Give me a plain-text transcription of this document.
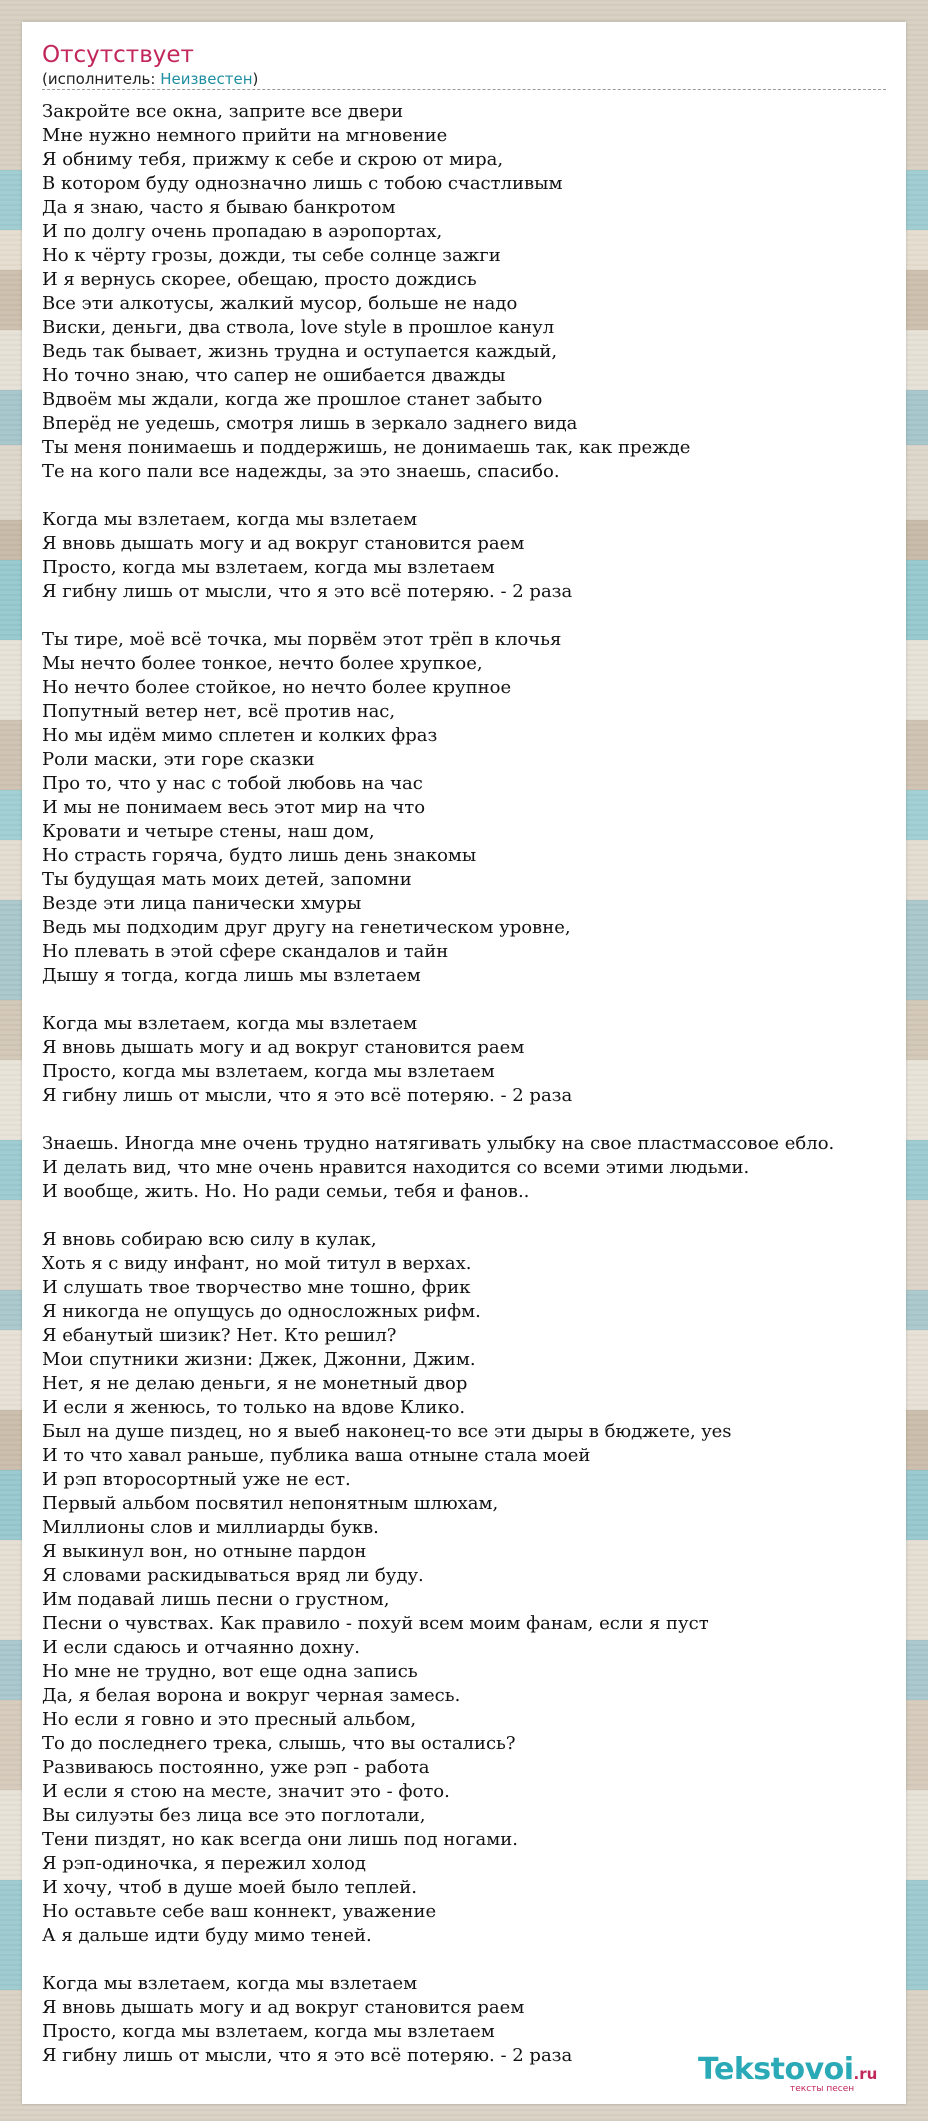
Отсутствует
(исполнитель: Неизвестен)
Закройте все окна, заприте все двери
Мне нужно немного прийти на мгновение
Я обниму тебя, прижму к себе и скрою от мира,
В котором буду однозначно лишь с тобою счастливым
Да я знаю, часто я бываю банкротом
И по долгу очень пропадаю в аэропортах,
Но к чёрту грозы, дожди, ты себе солнце зажги
И я вернусь скорее, обещаю, просто дождись
Все эти алкотусы, жалкий мусор, больше не надо
Виски, деньги, два ствола, love style в прошлое канул
Ведь так бывает, жизнь трудна и оступается каждый,
Но точно знаю, что сапер не ошибается дважды
Вдвоём мы ждали, когда же прошлое станет забыто
Вперёд не уедешь, смотря лишь в зеркало заднего вида
Ты меня понимаешь и поддержишь, не донимаешь так, как прежде
Те на кого пали все надежды, за это знаешь, спасибо.
Когда мы взлетаем, когда мы взлетаем
Я вновь дышать могу и ад вокруг становится раем
Просто, когда мы взлетаем, когда мы взлетаем
Я гибну лишь от мысли, что я это всё потеряю. - 2 раза
Ты тире, моё всё точка, мы порвём этот трёп в клочья
Мы нечто более тонкое, нечто более хрупкое,
Но нечто более стойкое, но нечто более крупное
Попутный ветер нет, всё против нас,
Но мы идём мимо сплетен и колких фраз
Роли маски, эти горе сказки
Про то, что у нас с тобой любовь на час
И мы не понимаем весь этот мир на что
Кровати и четыре стены, наш дом,
Но страсть горяча, будто лишь день знакомы
Ты будущая мать моих детей, запомни
Везде эти лица панически хмуры
Ведь мы подходим друг другу на генетическом уровне,
Но плевать в этой сфере скандалов и тайн
Дышу я тогда, когда лишь мы взлетаем
Когда мы взлетаем, когда мы взлетаем
Я вновь дышать могу и ад вокруг становится раем
Просто, когда мы взлетаем, когда мы взлетаем
Я гибну лишь от мысли, что я это всё потеряю. - 2 раза
Знаешь. Иногда мне очень трудно натягивать улыбку на свое пластмассовое ебло.
И делать вид, что мне очень нравится находится со всеми этими людьми.
И вообще, жить. Но. Но ради семьи, тебя и фанов..
Я вновь собираю всю силу в кулак,
Хоть я с виду инфант, но мой титул в верхах.
И слушать твое творчество мне тошно, фрик
Я никогда не опущусь до односложных рифм.
Я ебанутый шизик? Нет. Кто решил?
Мои спутники жизни: Джек, Джонни, Джим.
Нет, я не делаю деньги, я не монетный двор
И если я женюсь, то только на вдове Клико.
Был на душе пиздец, но я выеб наконец-то все эти дыры в бюджете, yes
И то что хавал раньше, публика ваша отныне стала моей
И рэп второсортный уже не ест.
Первый альбом посвятил непонятным шлюхам,
Миллионы слов и миллиарды букв.
Я выкинул вон, но отныне пардон
Я словами раскидываться вряд ли буду.
Им подавай лишь песни о грустном,
Песни о чувствах. Как правило - похуй всем моим фанам, если я пуст
И если сдаюсь и отчаянно дохну.
Но мне не трудно, вот еще одна запись
Да, я белая ворона и вокруг черная замесь.
Но если я говно и это пресный альбом,
То до последнего трека, слышь, что вы остались?
Развиваюсь постоянно, уже рэп - работа
И если я стою на месте, значит это - фото.
Вы силуэты без лица все это поглотали,
Тени пиздят, но как всегда они лишь под ногами.
Я рэп-одиночка, я пережил холод
И хочу, чтоб в душе моей было теплей.
Но оставьте себе ваш коннект, уважение
А я дальше идти буду мимо теней.
Когда мы взлетаем, когда мы взлетаем
Я вновь дышать могу и ад вокруг становится раем
Просто, когда мы взлетаем, когда мы взлетаем
Я гибну лишь от мысли, что я это всё потеряю. - 2 раза	Tekstovoi.ru
тексты песен
